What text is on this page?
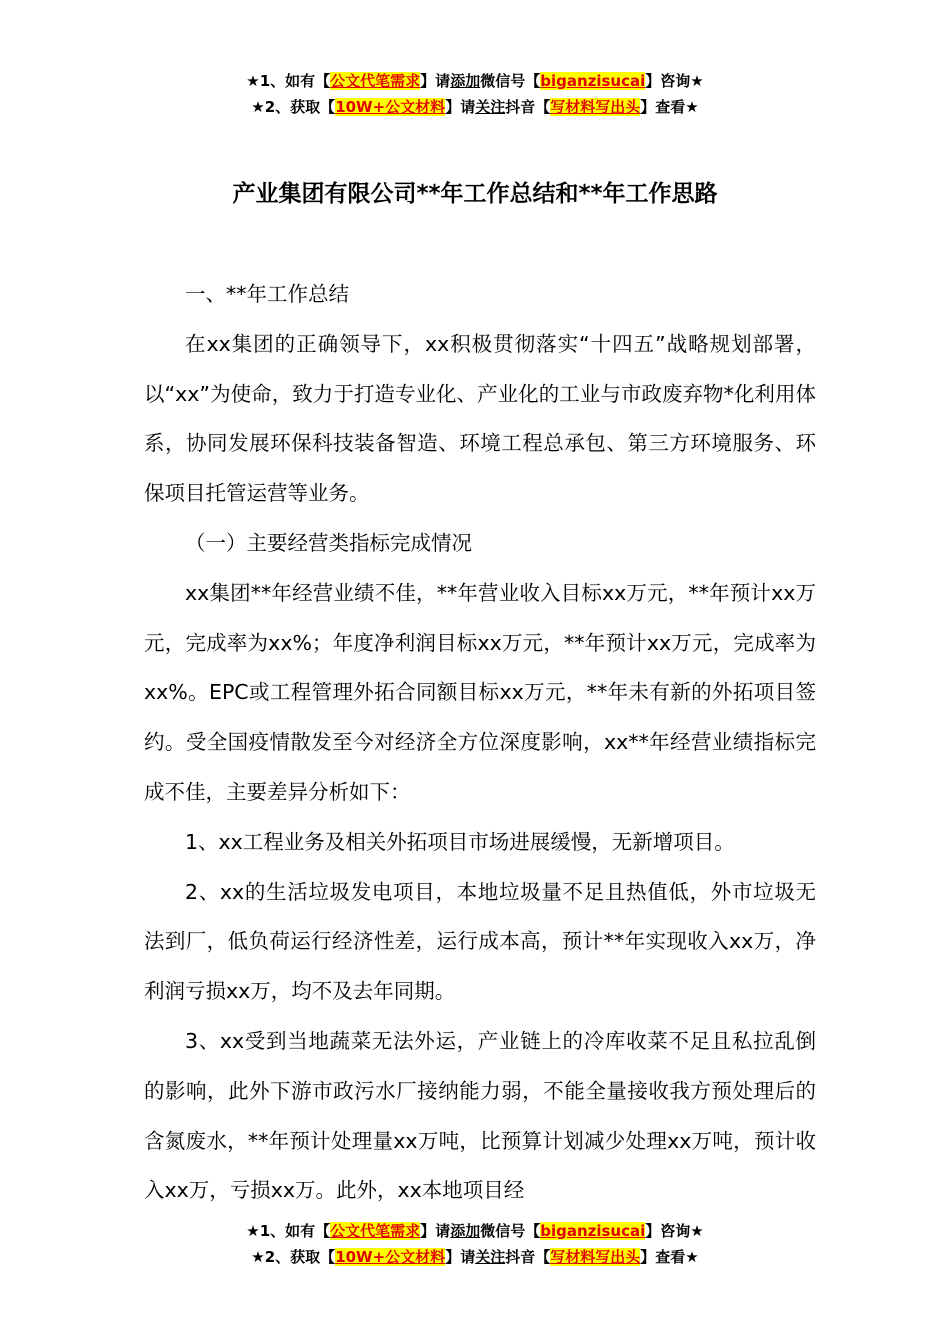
★1、如有【公文代笔需求】请添加微信号【biganzisucai】咨询★
★2、获取【10W+公文材料】请关注抖音【写材料写出头】查看★
产业集团有限公司**年工作总结和**年工作思路

一、**年工作总结

在xx集团的正确领导下，xx积极贯彻落实“十四五”战略规划部署，以“xx”为使命，致力于打造专业化、产业化的工业与市政废弃物*化利用体系，协同发展环保科技装备智造、环境工程总承包、第三方环境服务、环保项目托管运营等业务。

（一）主要经营类指标完成情况

xx集团**年经营业绩不佳，**年营业收入目标xx万元，**年预计xx万元，完成率为xx%；年度净利润目标xx万元，**年预计xx万元，完成率为xx%。EPC或工程管理外拓合同额目标xx万元，**年未有新的外拓项目签约。受全国疫情散发至今对经济全方位深度影响，xx**年经营业绩指标完成不佳，主要差异分析如下：

1、xx工程业务及相关外拓项目市场进展缓慢，无新增项目。

2、xx的生活垃圾发电项目，本地垃圾量不足且热值低，外市垃圾无法到厂，低负荷运行经济性差，运行成本高，预计**年实现收入xx万，净利润亏损xx万，均不及去年同期。

3、xx受到当地蔬菜无法外运，产业链上的冷库收菜不足且私拉乱倒的影响，此外下游市政污水厂接纳能力弱，不能全量接收我方预处理后的含氮废水，**年预计处理量xx万吨，比预算计划减少处理xx万吨，预计收入xx万，亏损xx万。此外，xx本地项目经

★1、如有【公文代笔需求】请添加微信号【biganzisucai】咨询★
★2、获取【10W+公文材料】请关注抖音【写材料写出头】查看★
